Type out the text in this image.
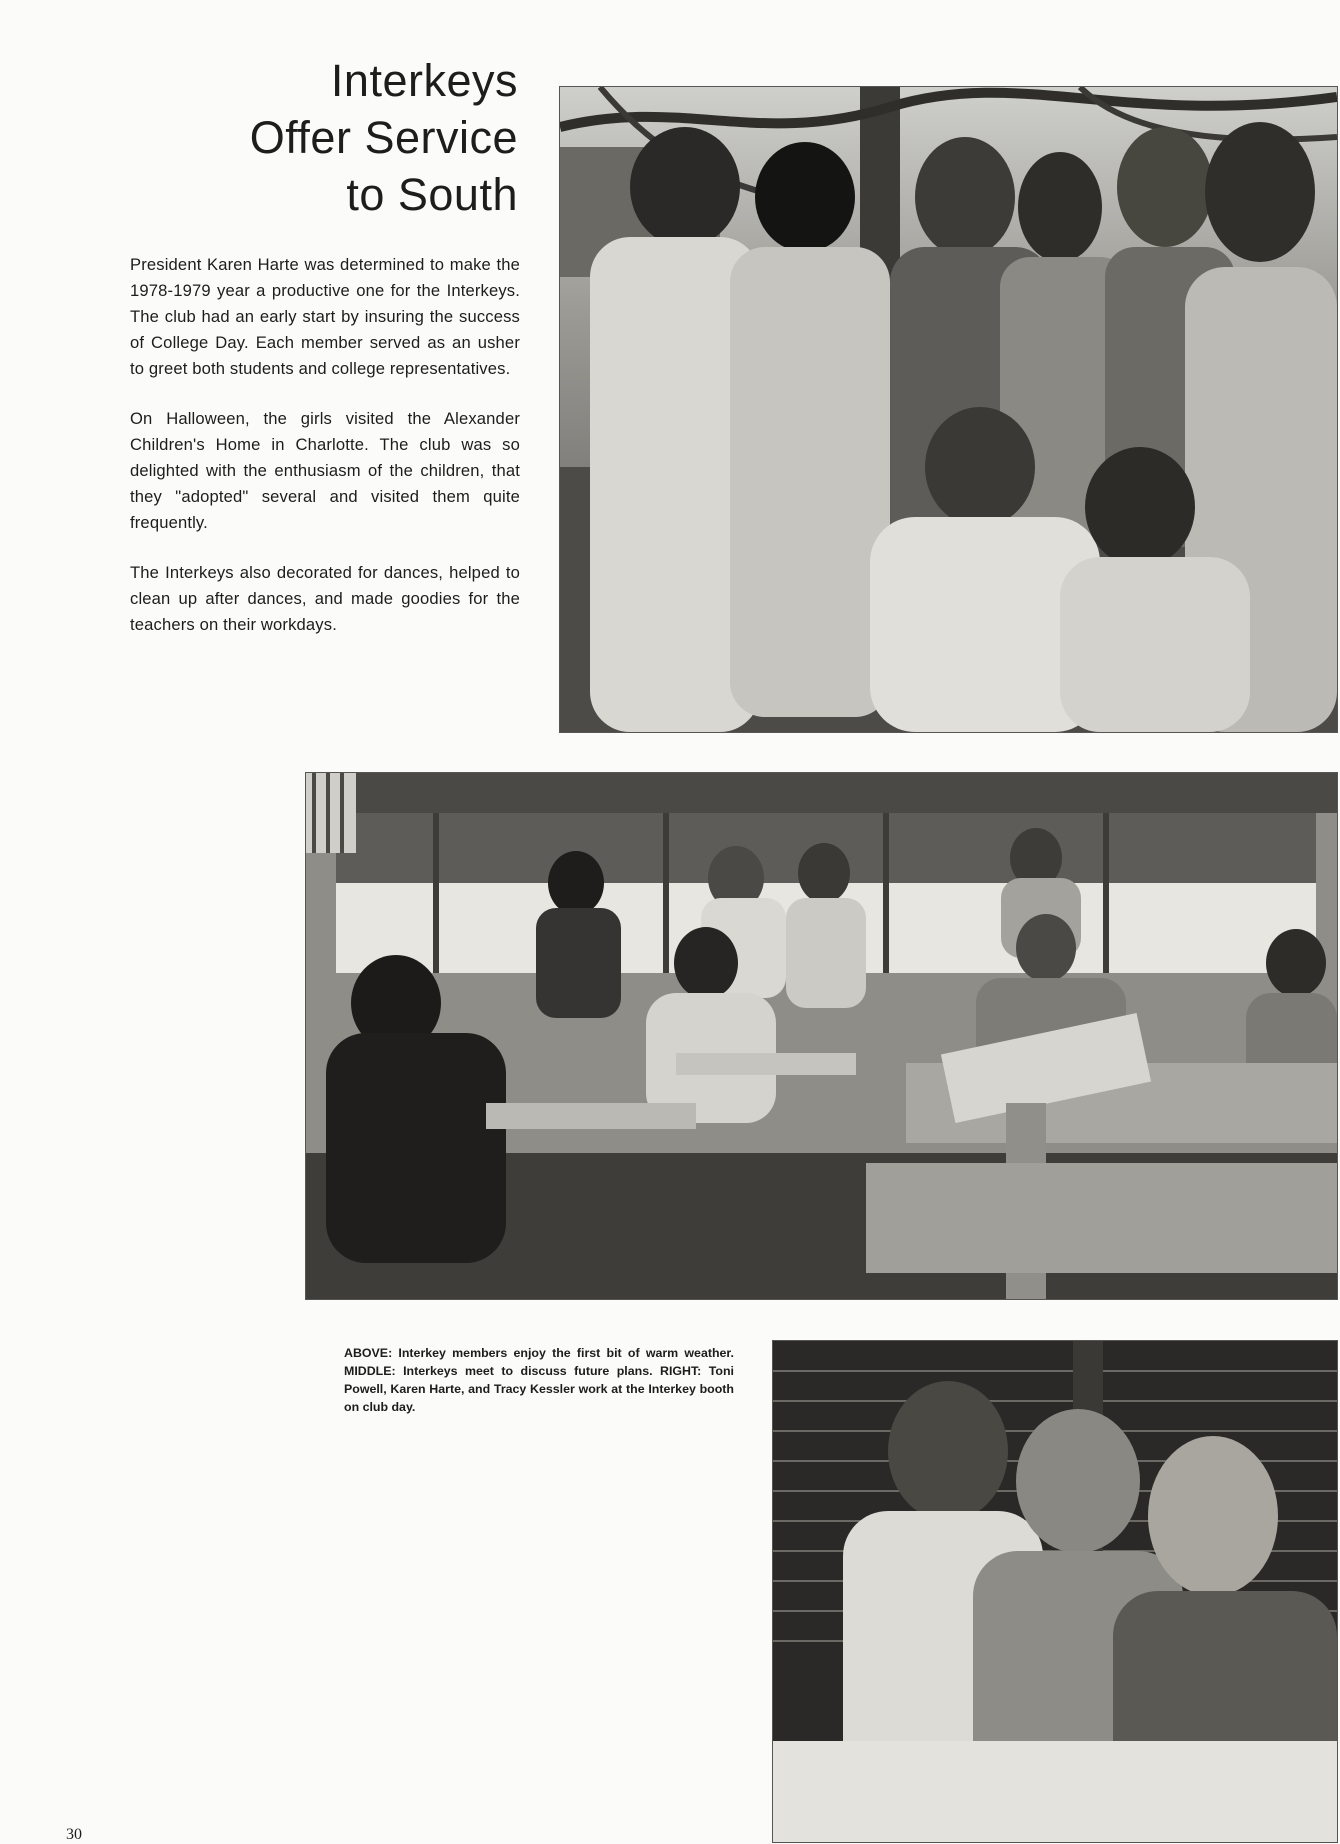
Interkeys
Offer Service
to South

President Karen Harte was determined to make the 1978-1979 year a productive one for the Interkeys. The club had an early start by insuring the success of College Day. Each member served as an usher to greet both students and college representatives.

On Halloween, the girls visited the Alexander Children's Home in Charlotte. The club was so delighted with the enthusiasm of the children, that they "adopted" several and visited them quite frequently.

The Interkeys also decorated for dances, helped to clean up after dances, and made goodies for the teachers on their workdays.

ABOVE: Interkey members enjoy the first bit of warm weather. MIDDLE: Interkeys meet to discuss future plans. RIGHT: Toni Powell, Karen Harte, and Tracy Kessler work at the Interkey booth on club day.

30
